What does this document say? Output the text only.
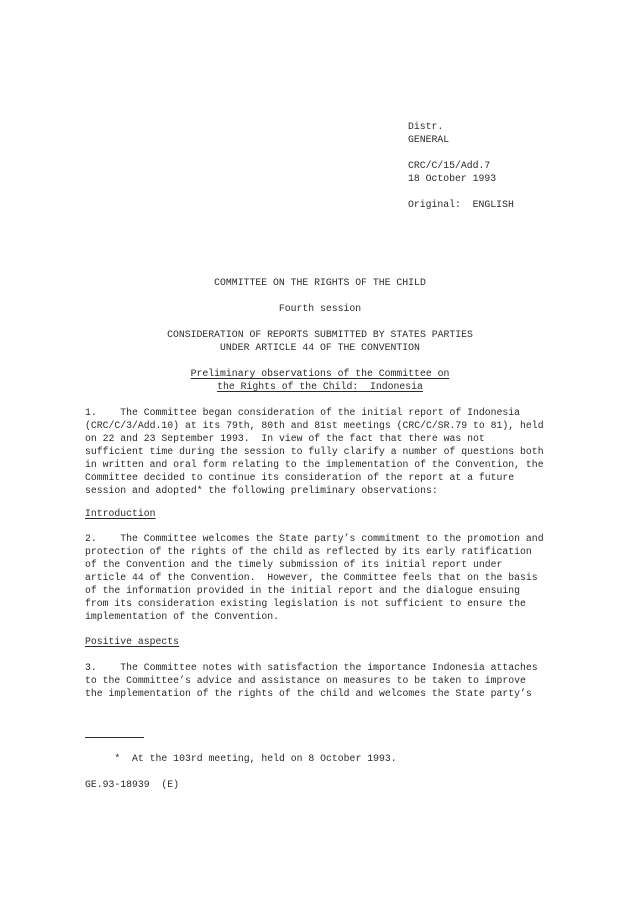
Distr.
GENERAL
CRC/C/15/Add.7
18 October 1993
Original:  ENGLISH
COMMITTEE ON THE RIGHTS OF THE CHILD
Fourth session
CONSIDERATION OF REPORTS SUBMITTED BY STATES PARTIES
UNDER ARTICLE 44 OF THE CONVENTION
Preliminary observations of the Committee on
the Rights of the Child:  Indonesia
1.    The Committee began consideration of the initial report of Indonesia
(CRC/C/3/Add.10) at its 79th, 80th and 81st meetings (CRC/C/SR.79 to 81), held
on 22 and 23 September 1993.  In view of the fact that there was not
sufficient time during the session to fully clarify a number of questions both
in written and oral form relating to the implementation of the Convention, the
Committee decided to continue its consideration of the report at a future
session and adopted* the following preliminary observations:
Introduction
2.    The Committee welcomes the State party’s commitment to the promotion and
protection of the rights of the child as reflected by its early ratification
of the Convention and the timely submission of its initial report under
article 44 of the Convention.  However, the Committee feels that on the basis
of the information provided in the initial report and the dialogue ensuing
from its consideration existing legislation is not sufficient to ensure the
implementation of the Convention.
Positive aspects
3.    The Committee notes with satisfaction the importance Indonesia attaches
to the Committee’s advice and assistance on measures to be taken to improve
the implementation of the rights of the child and welcomes the State party’s
*  At the 103rd meeting, held on 8 October 1993.
GE.93-18939  (E)
